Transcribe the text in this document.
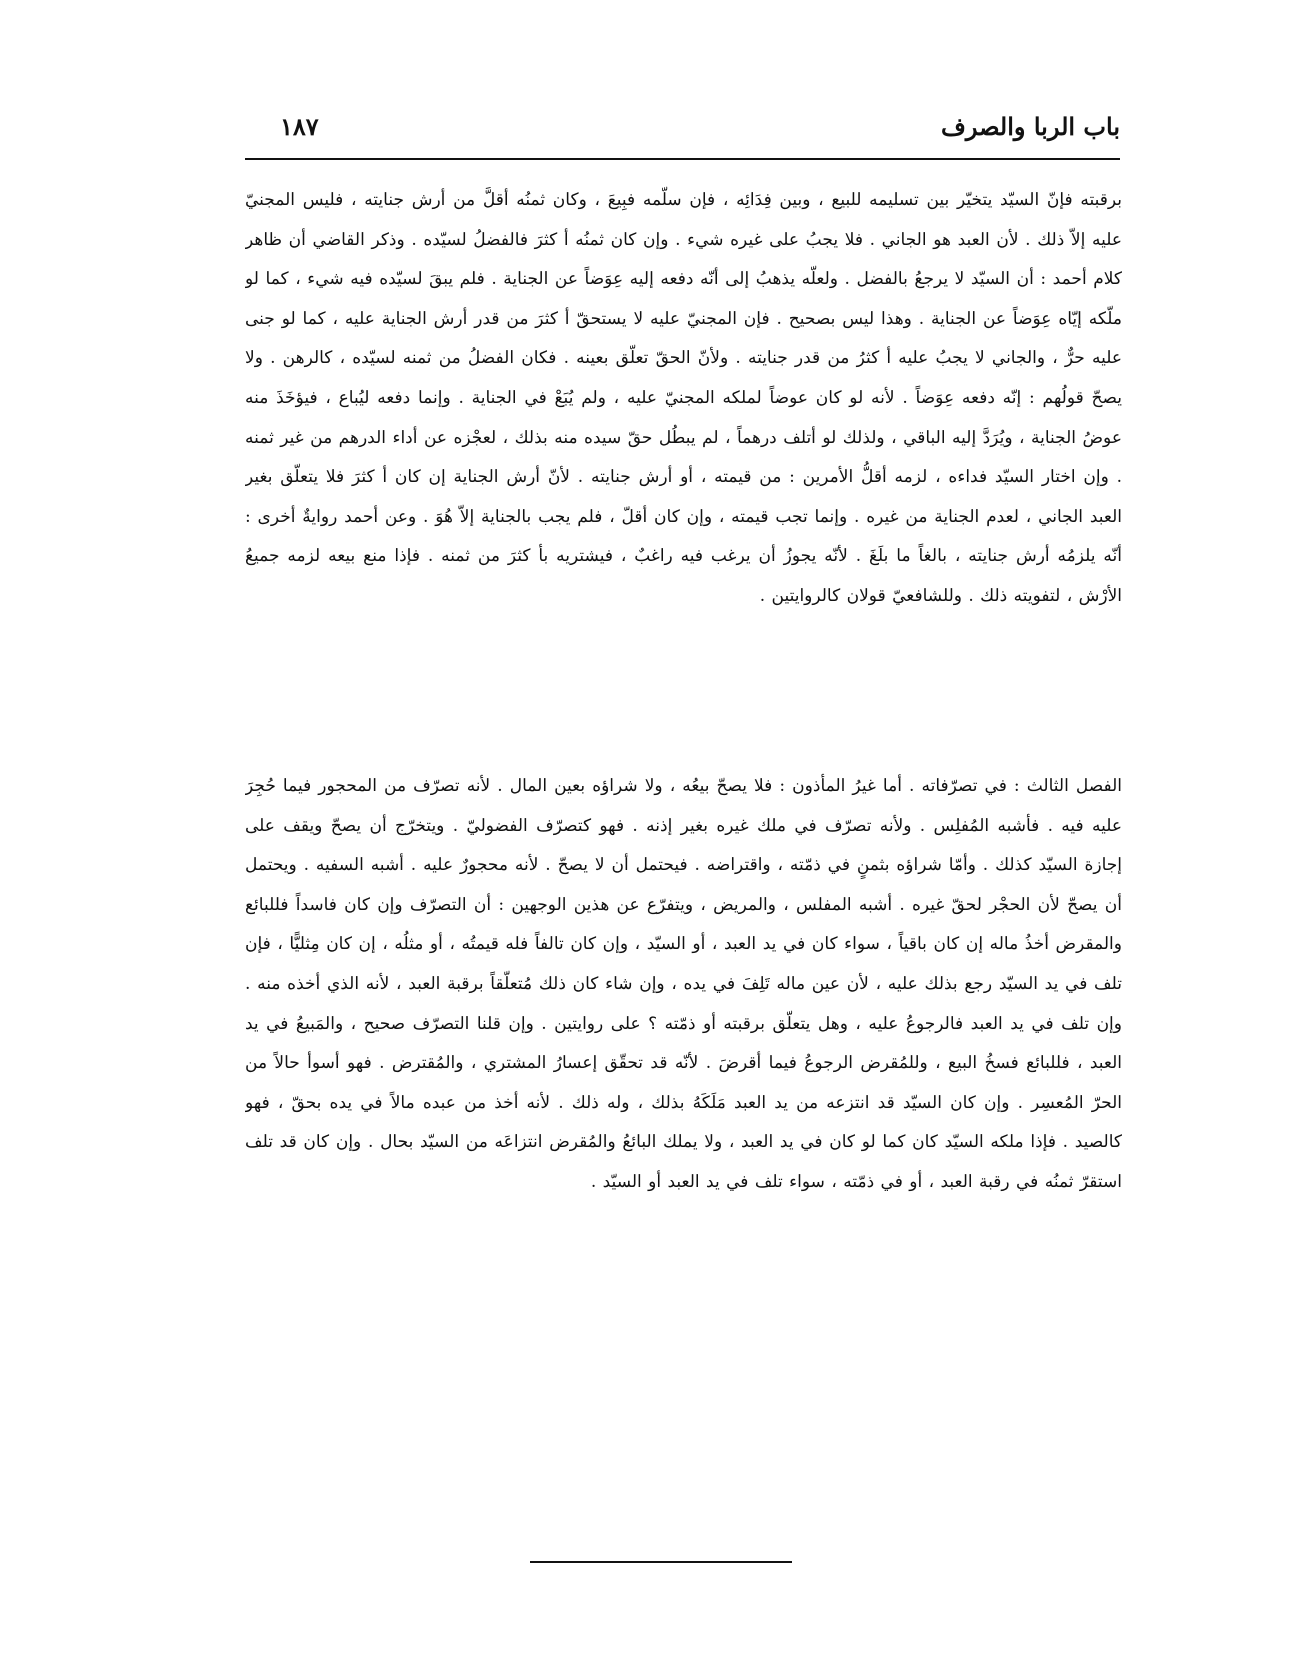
باب الربا والصرف
١٨٧
برقبته فإنّ السيّد يتخيّر بين تسليمه للبيع ، وبين فِدَائِه ، فإن سلّمه فبِيعَ ، وكان ثمنُه أقلَّ من أرش جنايته ، فليس المجنيّ عليه إلاّ ذلك . لأن العبد هو الجاني . فلا يجبُ على غيره شيء . وإن كان ثمنُه أ كثرَ فالفضلُ لسيّده . وذكر القاضي أن ظاهر كلام أحمد : أن السيّد لا يرجعُ بالفضل . ولعلّه يذهبُ إلى أنّه دفعه إليه عِوَضاً عن الجناية . فلم يبقَ لسيّده فيه شيء ، كما لو ملّكه إيّاه عِوَضاً عن الجناية . وهذا ليس بصحيح . فإن المجنيّ عليه لا يستحقّ أ كثرَ من قدر أرش الجناية عليه ، كما لو جنى عليه حرٌّ ، والجاني لا يجبُ عليه أ كثرُ من قدر جنايته . ولأنّ الحقّ تعلّق بعينه . فكان الفضلُ من ثمنه لسيّده ، كالرهن . ولا يصحّ قولُهم : إنّه دفعه عِوَضاً . لأنه لو كان عوضاً لملكه المجنيّ عليه ، ولم يُبَعْ في الجناية . وإنما دفعه ليُباع ، فيؤخَذَ منه عوضُ الجناية ، ويُرَدَّ إليه الباقي ، ولذلك لو أتلف درهماً ، لم يبطُل حقّ سيده منه بذلك ، لعجْزه عن أداء الدرهم من غير ثمنه . وإن اختار السيّد فداءه ، لزمه أقلُّ الأمرين : من قيمته ، أو أرش جنايته . لأنّ أرش الجناية إن كان أ كثرَ فلا يتعلّق بغير العبد الجاني ، لعدم الجناية من غيره . وإنما تجب قيمته ، وإن كان أقلّ ، فلم يجب بالجناية إلاّ هُوَ . وعن أحمد روايةٌ أخرى : أنّه يلزمُه أرش جنايته ، بالغاً ما بلَغَ . لأنّه يجوزُ أن يرغب فيه راغبٌ ، فيشتريه بأ كثرَ من ثمنه . فإذا منع بيعه لزمه جميعُ الأرْش ، لتفويته ذلك . وللشافعيّ قولان كالروايتين .
الفصل الثالث : في تصرّفاته . أما غيرُ المأذون : فلا يصحّ بيعُه ، ولا شراؤه بعين المال . لأنه تصرّف من المحجور فيما حُجِرَ عليه فيه . فأشبه المُفلِس . ولأنه تصرّف في ملك غيره بغير إذنه . فهو كتصرّف الفضوليّ . ويتخرّج أن يصحّ ويقف على إجازة السيّد كذلك . وأمّا شراؤه بثمنٍ في ذمّته ، واقتراضه . فيحتمل أن لا يصحّ . لأنه محجورٌ عليه . أشبه السفيه . ويحتمل أن يصحّ لأن الحجْر لحقّ غيره . أشبه المفلس ، والمريض ، ويتفرّع عن هذين الوجهين : أن التصرّف وإن كان فاسداً فللبائع والمقرض أخذُ ماله إن كان باقياً ، سواء كان في يد العبد ، أو السيّد ، وإن كان تالفاً فله قيمتُه ، أو مثلُه ، إن كان مِثليًّا ، فإن تلف في يد السيّد رجع بذلك عليه ، لأن عين ماله تَلِفَ في يده ، وإن شاء كان ذلك مُتعلّقاً برقبة العبد ، لأنه الذي أخذه منه . وإن تلف في يد العبد فالرجوعُ عليه ، وهل يتعلّق برقبته أو ذمّته ؟ على روايتين . وإن قلنا التصرّف صحيح ، والمَبيعُ في يد العبد ، فللبائع فسخُ البيع ، وللمُقرض الرجوعُ فيما أقرضَ . لأنّه قد تحقّق إعسارُ المشتري ، والمُقترض . فهو أسوأ حالاً من الحرّ المُعسِر . وإن كان السيّد قد انتزعه من يد العبد مَلَكَهُ بذلك ، وله ذلك . لأنه أخذ من عبده مالاً في يده بحقّ ، فهو كالصيد . فإذا ملكه السيّد كان كما لو كان في يد العبد ، ولا يملك البائعُ والمُقرض انتزاعَه من السيّد بحال . وإن كان قد تلف استقرّ ثمنُه في رقبة العبد ، أو في ذمّته ، سواء تلف في يد العبد أو السيّد .
